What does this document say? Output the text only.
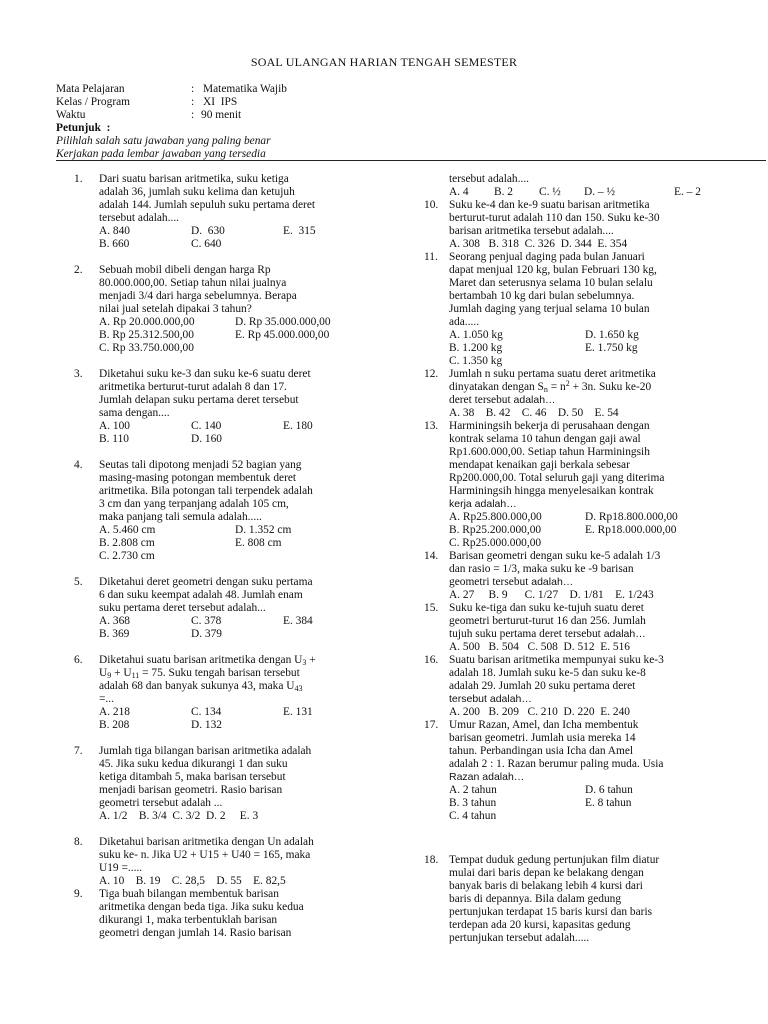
SOAL ULANGAN HARIAN TENGAH SEMESTER
Mata Pelajaran	: Matematika Wajib
Kelas / Program	: XI  IPS
Waktu	: 90 menit
Petunjuk  :
Pilihlah salah satu jawaban yang paling benar
Kerjakan pada lembar jawaban yang tersedia
1. Dari suatu barisan aritmetika, suku ketiga
adalah 36, jumlah suku kelima dan ketujuh
adalah 144. Jumlah sepuluh suku pertama deret
tersebut adalah....
A. 840	D.  630	E.  315
B. 660	C. 640
2. Sebuah mobil dibeli dengan harga Rp
80.000.000,00. Setiap tahun nilai jualnya
menjadi 3/4 dari harga sebelumnya. Berapa
nilai jual setelah dipakai 3 tahun?
A. Rp 20.000.000,00	D. Rp 35.000.000,00
B. Rp 25.312.500,00	E. Rp 45.000.000,00
C. Rp 33.750.000,00
3. Diketahui suku ke-3 dan suku ke-6 suatu deret
aritmetika berturut-turut adalah 8 dan 17.
Jumlah delapan suku pertama deret tersebut
sama dengan....
A. 100	C. 140	E. 180
B. 110	D. 160
4. Seutas tali dipotong menjadi 52 bagian yang
masing-masing potongan membentuk deret
aritmetika. Bila potongan tali terpendek adalah
3 cm dan yang terpanjang adalah 105 cm,
maka panjang tali semula adalah.....
A. 5.460 cm	D. 1.352 cm
B. 2.808 cm	E. 808 cm
C. 2.730 cm
5. Diketahui deret geometri dengan suku pertama
6 dan suku keempat adalah 48. Jumlah enam
suku pertama deret tersebut adalah...
A. 368	C. 378	E. 384
B. 369	D. 379
6. Diketahui suatu barisan aritmetika dengan $U_3$ +
$U_9 + U_{11} = 75$. Suku tengah barisan tersebut
adalah 68 dan banyak sukunya 43, maka $U_{43}$
=...
A. 218	C. 134	E. 131
B. 208	D. 132
7. Jumlah tiga bilangan barisan aritmetika adalah
45. Jika suku kedua dikurangi 1 dan suku
ketiga ditambah 5, maka barisan tersebut
menjadi barisan geometri. Rasio barisan
geometri tersebut adalah ...
A. 1/2    B. 3/4  C. 3/2  D. 2     E. 3
8. Diketahui barisan aritmetika dengan Un adalah
suku ke- n. Jika U2 + U15 + U40 = 165, maka
U19 =.....
A. 10    B. 19    C. 28,5    D. 55    E. 82,5
9. Tiga buah bilangan membentuk barisan
aritmetika dengan beda tiga. Jika suku kedua
dikurangi 1, maka terbentuklah barisan
geometri dengan jumlah 14. Rasio barisan
tersebut adalah....
A. 4	B. 2	C. ½	D. – ½	E. – 2
10. Suku ke-4 dan ke-9 suatu barisan aritmetika
berturut-turut adalah 110 dan 150. Suku ke-30
barisan aritmetika tersebut adalah....
A. 308   B. 318  C. 326  D. 344  E. 354
11. Seorang penjual daging pada bulan Januari
dapat menjual 120 kg, bulan Februari 130 kg,
Maret dan seterusnya selama 10 bulan selalu
bertambah 10 kg dari bulan sebelumnya.
Jumlah daging yang terjual selama 10 bulan
ada.....
A. 1.050 kg	D. 1.650 kg
B. 1.200 kg	E. 1.750 kg
C. 1.350 kg
12. Jumlah n suku pertama suatu deret aritmetika
dinyatakan dengan $S_n = n^2 + 3n$. Suku ke-20
deret tersebut adalah…
A. 38    B. 42    C. 46    D. 50    E. 54
13. Harminingsih bekerja di perusahaan dengan
kontrak selama 10 tahun dengan gaji awal
Rp1.600.000,00. Setiap tahun Harminingsih
mendapat kenaikan gaji berkala sebesar
Rp200.000,00. Total seluruh gaji yang diterima
Harminingsih hingga menyelesaikan kontrak
kerja adalah…
A. Rp25.800.000,00	D. Rp18.800.000,00
B. Rp25.200.000,00	E. Rp18.000.000,00
C. Rp25.000.000,00
14. Barisan geometri dengan suku ke-5 adalah 1/3
dan rasio = 1/3, maka suku ke -9 barisan
geometri tersebut adalah…
A. 27     B. 9      C. 1/27    D. 1/81    E. 1/243
15. Suku ke-tiga dan suku ke-tujuh suatu deret
geometri berturut-turut 16 dan 256. Jumlah
tujuh suku pertama deret tersebut adalah…
A. 500   B. 504   C. 508  D. 512  E. 516
16. Suatu barisan aritmetika mempunyai suku ke-3
adalah 18. Jumlah suku ke-5 dan suku ke-8
adalah 29. Jumlah 20 suku pertama deret
tersebut adalah…
A. 200   B. 209   C. 210  D. 220  E. 240
17. Umur Razan, Amel, dan Icha membentuk
barisan geometri. Jumlah usia mereka 14
tahun. Perbandingan usia Icha dan Amel
adalah 2 : 1. Razan berumur paling muda. Usia
Razan adalah…
A. 2 tahun	D. 6 tahun
B. 3 tahun	E. 8 tahun
C. 4 tahun
18. Tempat duduk gedung pertunjukan film diatur
mulai dari baris depan ke belakang dengan
banyak baris di belakang lebih 4 kursi dari
baris di depannya. Bila dalam gedung
pertunjukan terdapat 15 baris kursi dan baris
terdepan ada 20 kursi, kapasitas gedung
pertunjukan tersebut adalah.....
